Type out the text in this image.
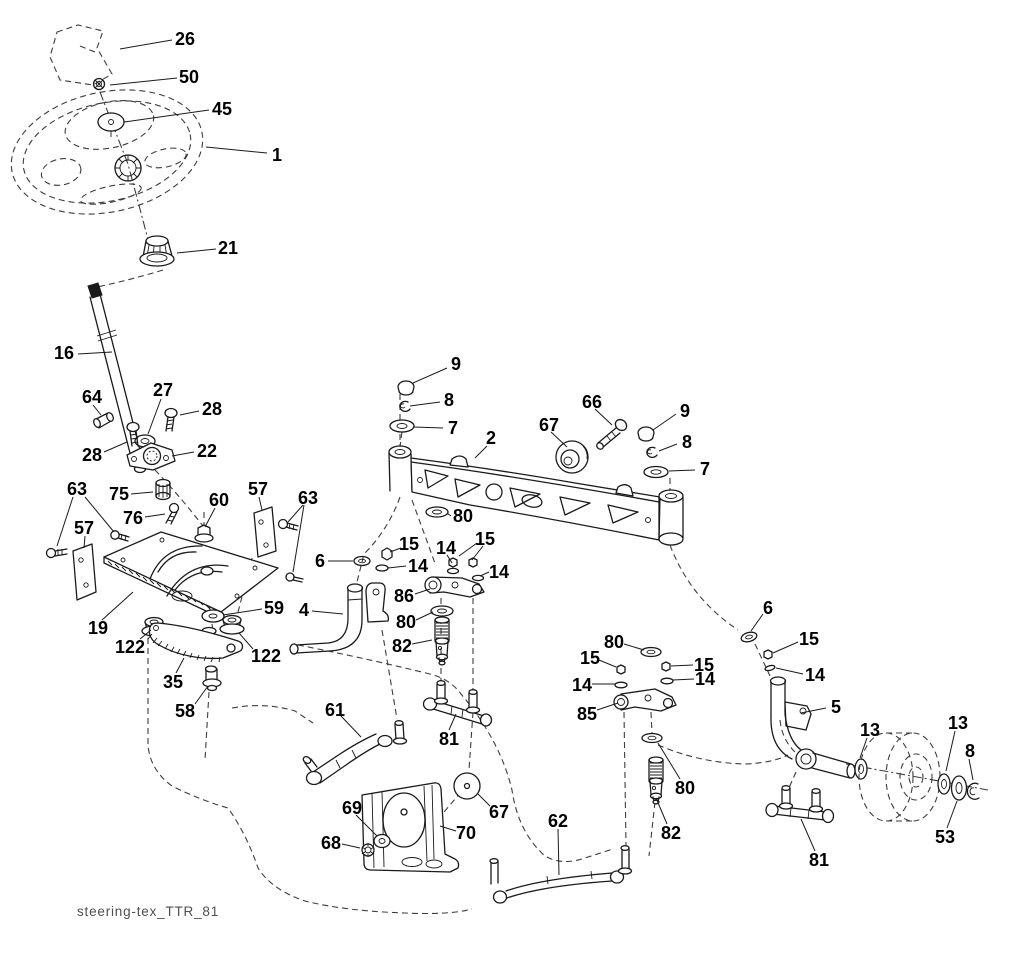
26
50
45
1
21
16
64	27
28
28	22
75
76
60
63
57
57 63
6
19
122
59
122
35
58
4
9
8
7 2
67
66	9
8
7
80
15
14
14 15
14
86
80
82
61
81
6
15
14
80
15
14
15
14
85
80
82
5
13	13
8
53
81
69
68
67
70
62
steering-tex_TTR_81
